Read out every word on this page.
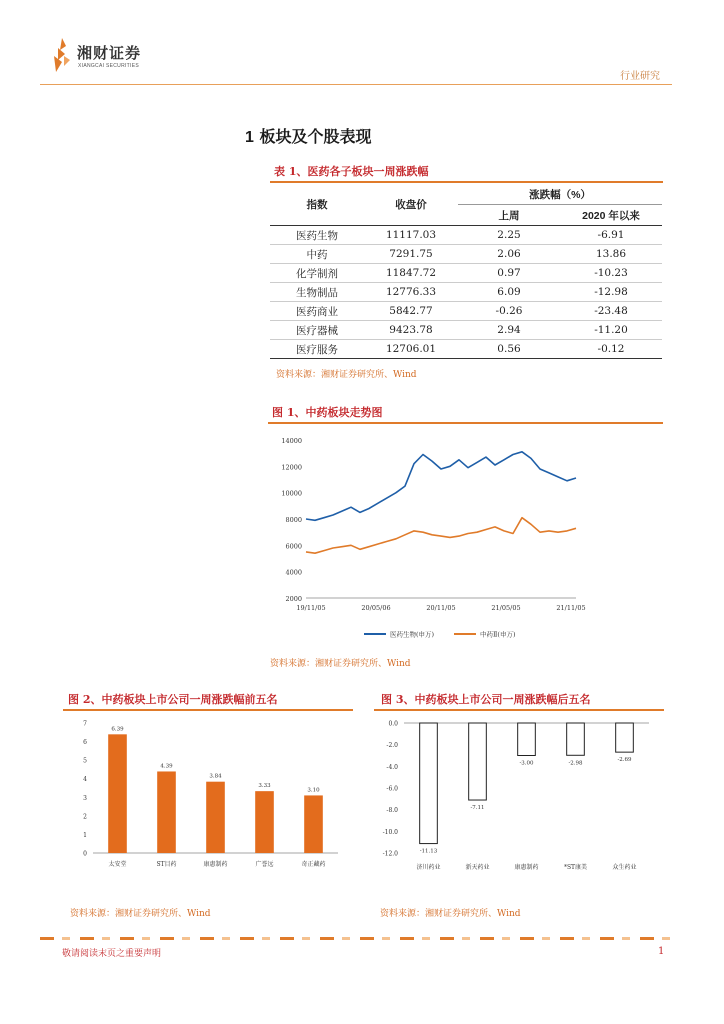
湘财证券
XIANGCAI SECURITIES
行业研究
1 板块及个股表现
表 1、医药各子板块一周涨跌幅
指数	收盘价	涨跌幅（%）	
		上周	2020 年以来
医药生物	11117.03	2.25	-6.91
中药	7291.75	2.06	13.86
化学制剂	11847.72	0.97	-10.23
生物制品	12776.33	6.09	-12.98
医药商业	5842.77	-0.26	-23.48
医疗器械	9423.78	2.94	-11.20
医疗服务	12706.01	0.56	-0.12
资料来源：湘财证券研究所、Wind
图 1、中药板块走势图
14000
12000
10000
8000
6000
4000
2000
19/11/05	20/05/06	20/11/05	21/05/05	21/11/05
医药生物(申万)	中药Ⅱ(申万)
资料来源：湘财证券研究所、Wind
图 2、中药板块上市公司一周涨跌幅前五名
7
6
5
4
3
2
1
0
6.39
太安堂
4.39
ST目药
3.84
康惠制药
3.33
广誉远
3.10
奇正藏药
资料来源：湘财证券研究所、Wind
图 3、中药板块上市公司一周涨跌幅后五名
0.0
-2.0
-4.0
-6.0
-8.0
-10.0
-12.0	-11.13
济川药业
-7.11
新天药业
-3.00
康惠制药
-2.98
*ST康美
-2.69
众生药业
资料来源：湘财证券研究所、Wind
敬请阅读末页之重要声明	1
